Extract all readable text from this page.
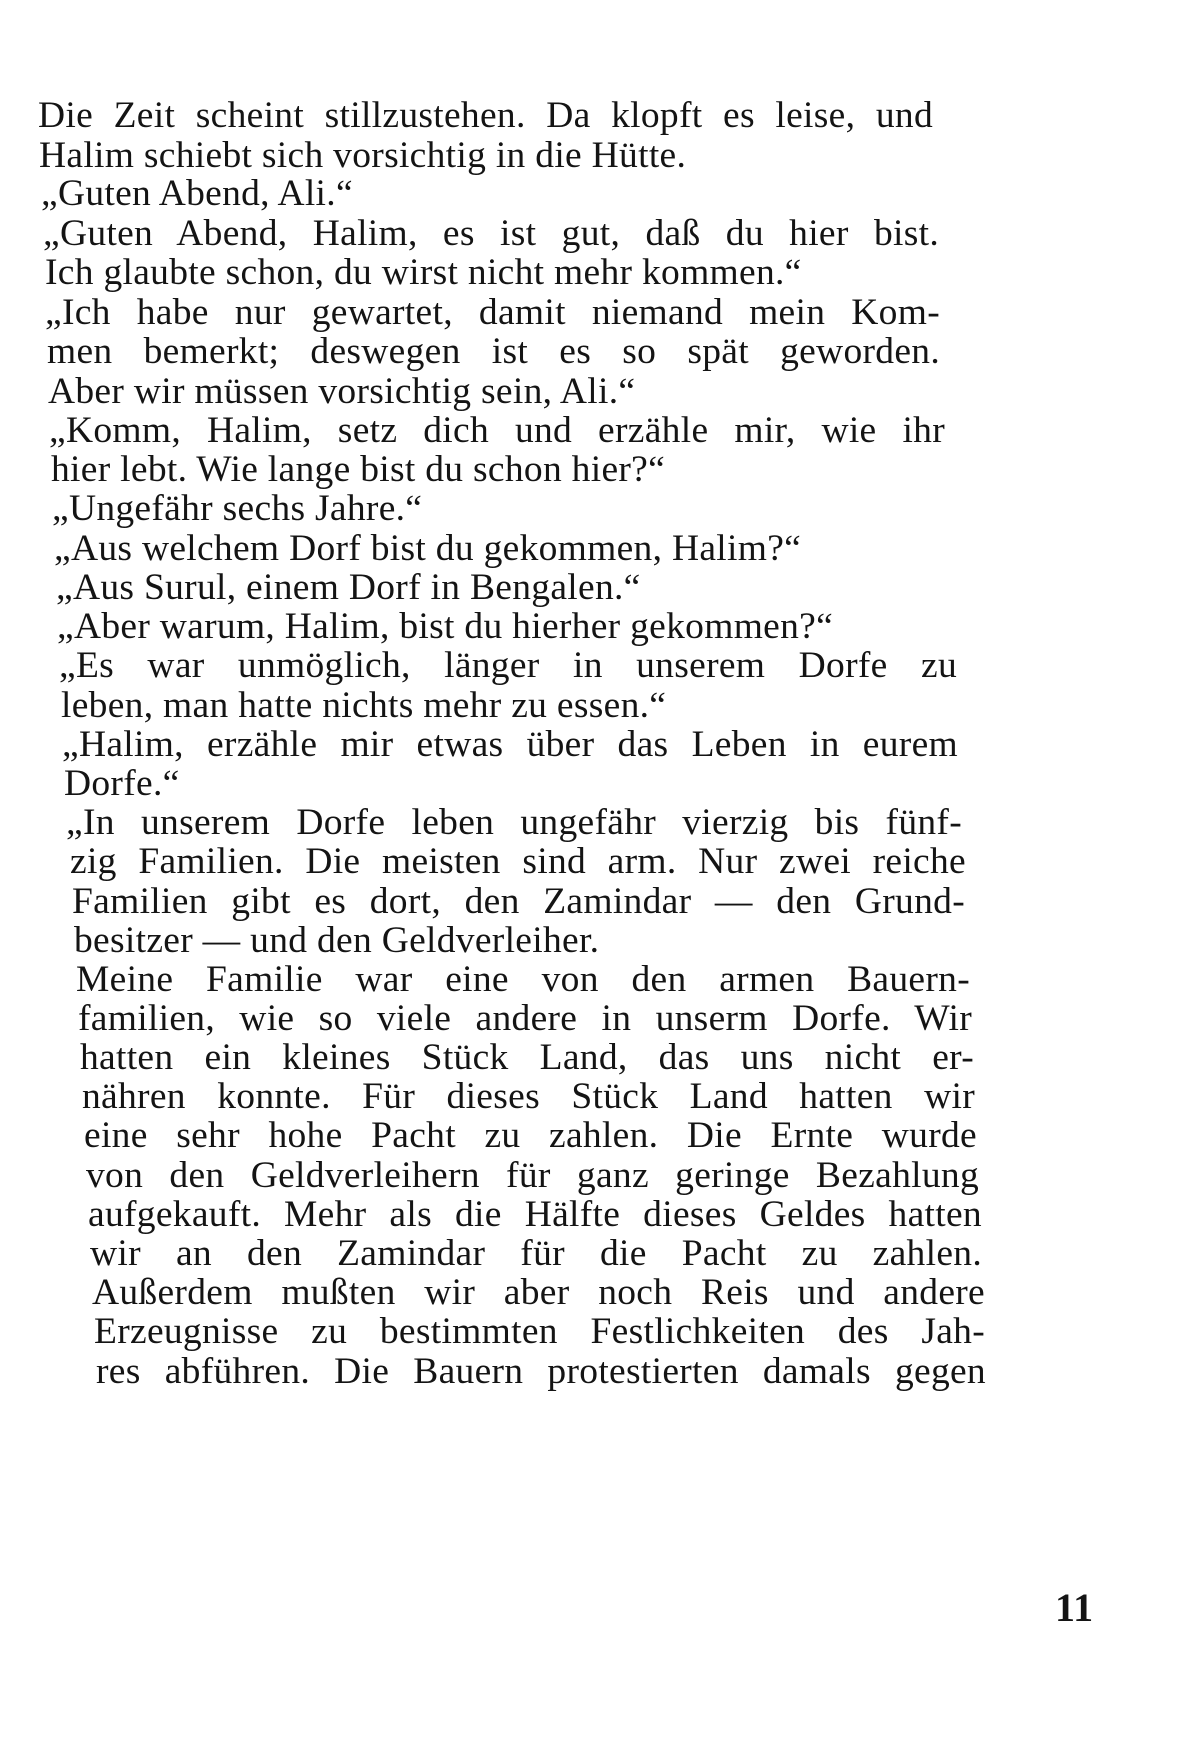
Die Zeit scheint stillzustehen. Da klopft es leise, und
Halim schiebt sich vorsichtig in die Hütte.
„Guten Abend, Ali.“
„Guten Abend, Halim, es ist gut, daß du hier bist.
Ich glaubte schon, du wirst nicht mehr kommen.“
„Ich habe nur gewartet, damit niemand mein Kom-
men bemerkt; deswegen ist es so spät geworden.
Aber wir müssen vorsichtig sein, Ali.“
„Komm, Halim, setz dich und erzähle mir, wie ihr
hier lebt. Wie lange bist du schon hier?“
„Ungefähr sechs Jahre.“
„Aus welchem Dorf bist du gekommen, Halim?“
„Aus Surul, einem Dorf in Bengalen.“
„Aber warum, Halim, bist du hierher gekommen?“
„Es war unmöglich, länger in unserem Dorfe zu
leben, man hatte nichts mehr zu essen.“
„Halim, erzähle mir etwas über das Leben in eurem
Dorfe.“
„In unserem Dorfe leben ungefähr vierzig bis fünf-
zig Familien. Die meisten sind arm. Nur zwei reiche
Familien gibt es dort, den Zamindar — den Grund-
besitzer — und den Geldverleiher.
Meine Familie war eine von den armen Bauern-
familien, wie so viele andere in unserm Dorfe. Wir
hatten ein kleines Stück Land, das uns nicht er-
nähren konnte. Für dieses Stück Land hatten wir
eine sehr hohe Pacht zu zahlen. Die Ernte wurde
von den Geldverleihern für ganz geringe Bezahlung
aufgekauft. Mehr als die Hälfte dieses Geldes hatten
wir an den Zamindar für die Pacht zu zahlen.
Außerdem mußten wir aber noch Reis und andere
Erzeugnisse zu bestimmten Festlichkeiten des Jah-
res abführen. Die Bauern protestierten damals gegen
11
